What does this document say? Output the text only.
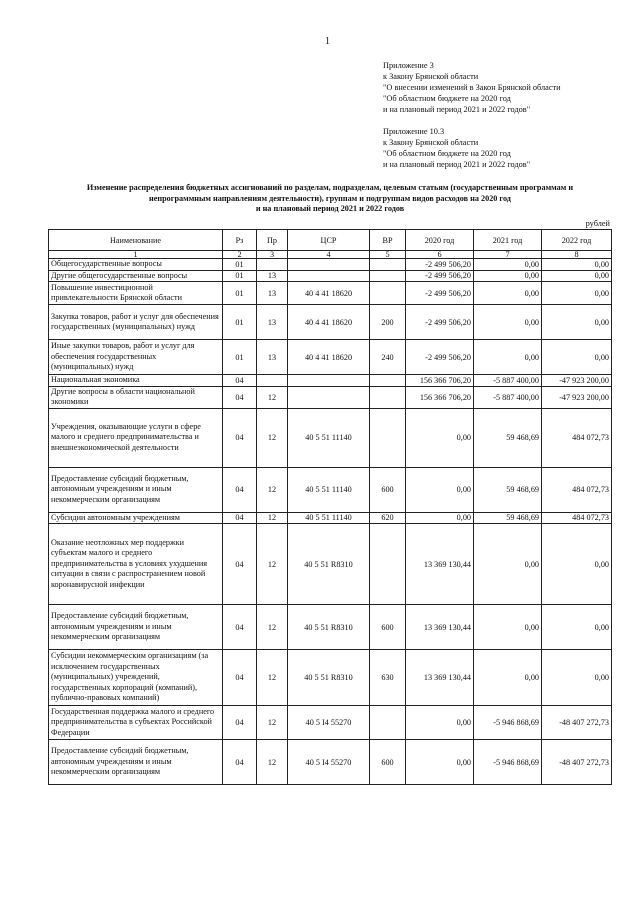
1
Приложение 3
к Закону Брянской области
"О внесении изменений в Закон Брянской области
"Об областном бюджете на 2020 год
и на плановый период 2021 и 2022 годов"
Приложение 10.3
к Закону Брянской области
"Об областном бюджете на 2020 год
и на плановый период 2021 и 2022 годов"
Изменение распределения бюджетных ассигнований по разделам, подразделам, целевым статьям (государственным программам и
непрограммным направлениям деятельности), группам и подгруппам видов расходов на 2020 год
и на плановый период 2021 и 2022 годов
рублей
Наименование	Рз	Пр	ЦСР	ВР	2020 год	2021 год	2022 год
1	2	3	4	5	6	7	8
Общегосударственные вопросы	01				-2 499 506,20	0,00	0,00
Другие общегосударственные вопросы	01	13			-2 499 506,20	0,00	0,00
Повышение инвестиционной привлекательности Брянской области	01	13	40 4 41 18620		-2 499 506,20	0,00	0,00
Закупка товаров, работ и услуг для обеспечения государственных (муниципальных) нужд	01	13	40 4 41 18620	200	-2 499 506,20	0,00	0,00
Иные закупки товаров, работ и услуг для обеспечения государственных (муниципальных) нужд	01	13	40 4 41 18620	240	-2 499 506,20	0,00	0,00
Национальная экономика	04				156 366 706,20	-5 887 400,00	-47 923 200,00
Другие вопросы в области национальной экономики	04	12			156 366 706,20	-5 887 400,00	-47 923 200,00
Учреждения, оказывающие услуги в сфере малого и среднего предпринимательства и внешнеэкономической деятельности	04	12	40 5 51 11140		0,00	59 468,69	484 072,73
Предоставление субсидий бюджетным, автономным учреждениям и иным некоммерческим организациям	04	12	40 5 51 11140	600	0,00	59 468,69	484 072,73
Субсидии автономным учреждениям	04	12	40 5 51 11140	620	0,00	59 468,69	484 072,73
Оказание неотложных мер поддержки субъектам малого и среднего предпринимательства в условиях ухудшения ситуации в связи с распространением новой коронавирусной инфекции	04	12	40 5 51 R8310		13 369 130,44	0,00	0,00
Предоставление субсидий бюджетным, автономным учреждениям и иным некоммерческим организациям	04	12	40 5 51 R8310	600	13 369 130,44	0,00	0,00
Субсидии некоммерческим организациям (за исключением государственных (муниципальных) учреждений, государственных корпораций (компаний), публично-правовых компаний)	04	12	40 5 51 R8310	630	13 369 130,44	0,00	0,00
Государственная поддержка малого и среднего предпринимательства в субъектах Российской Федерации	04	12	40 5 I4 55270		0,00	-5 946 868,69	-48 407 272,73
Предоставление субсидий бюджетным, автономным учреждениям и иным некоммерческим организациям	04	12	40 5 I4 55270	600	0,00	-5 946 868,69	-48 407 272,73
